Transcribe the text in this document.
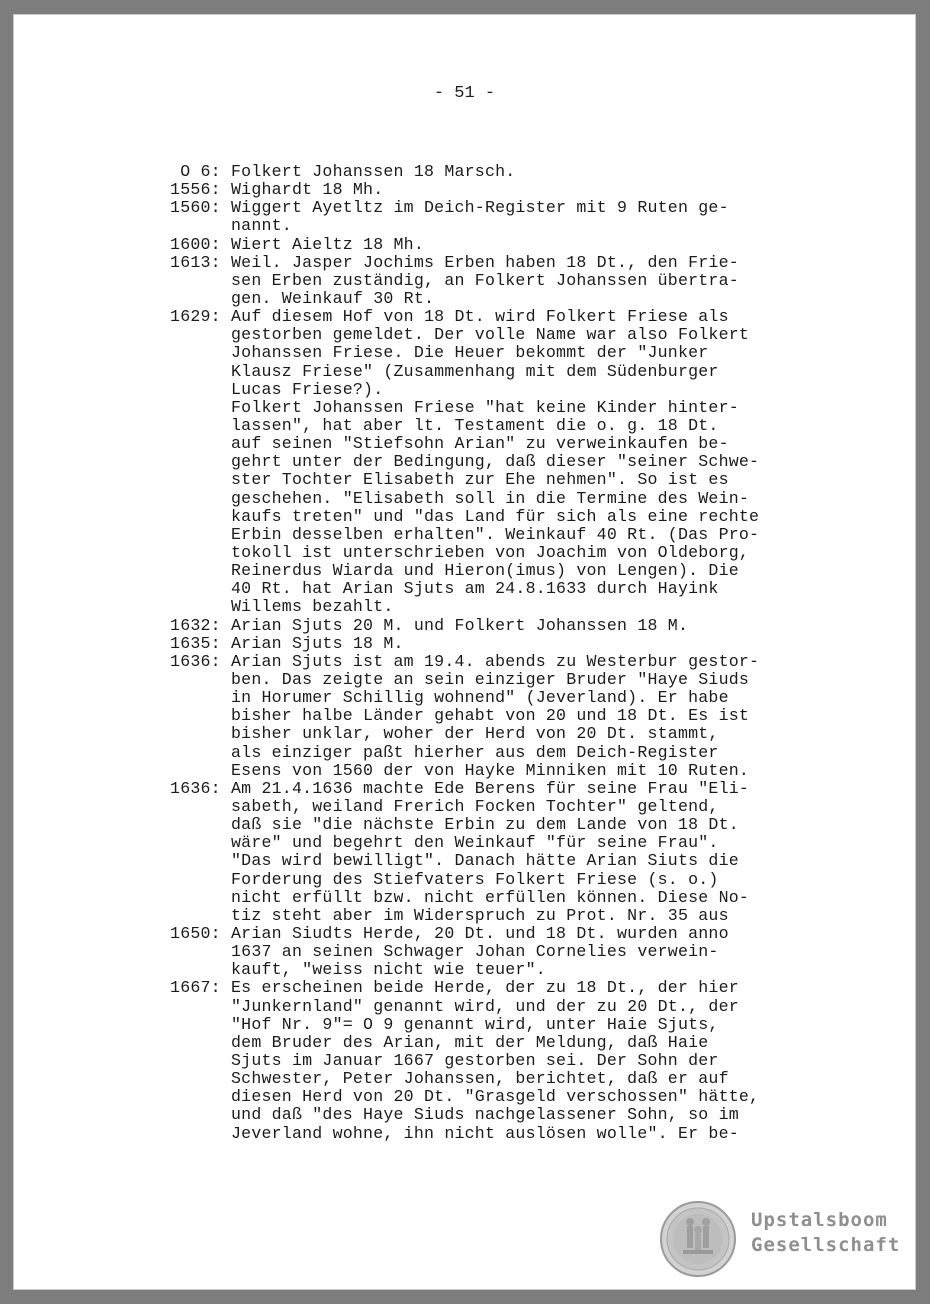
- 51 -
O 6: Folkert Johanssen 18 Marsch.
1556: Wighardt 18 Mh.
1560: Wiggert Ayetltz im Deich-Register mit 9 Ruten ge-
nannt.
1600: Wiert Aieltz 18 Mh.
1613: Weil. Jasper Jochims Erben haben 18 Dt., den Frie-
sen Erben zuständig, an Folkert Johanssen übertra-
gen. Weinkauf 30 Rt.
1629: Auf diesem Hof von 18 Dt. wird Folkert Friese als
gestorben gemeldet. Der volle Name war also Folkert
Johanssen Friese. Die Heuer bekommt der "Junker
Klausz Friese" (Zusammenhang mit dem Südenburger
Lucas Friese?).
Folkert Johanssen Friese "hat keine Kinder hinter-
lassen", hat aber lt. Testament die o. g. 18 Dt.
auf seinen "Stiefsohn Arian" zu verweinkaufen be-
gehrt unter der Bedingung, daß dieser "seiner Schwe-
ster Tochter Elisabeth zur Ehe nehmen". So ist es
geschehen. "Elisabeth soll in die Termine des Wein-
kaufs treten" und "das Land für sich als eine rechte
Erbin desselben erhalten". Weinkauf 40 Rt. (Das Pro-
tokoll ist unterschrieben von Joachim von Oldeborg,
Reinerdus Wiarda und Hieron(imus) von Lengen). Die
40 Rt. hat Arian Sjuts am 24.8.1633 durch Hayink
Willems bezahlt.
1632: Arian Sjuts 20 M. und Folkert Johanssen 18 M.
1635: Arian Sjuts 18 M.
1636: Arian Sjuts ist am 19.4. abends zu Westerbur gestor-
ben. Das zeigte an sein einziger Bruder "Haye Siuds
in Horumer Schillig wohnend" (Jeverland). Er habe
bisher halbe Länder gehabt von 20 und 18 Dt. Es ist
bisher unklar, woher der Herd von 20 Dt. stammt,
als einziger paßt hierher aus dem Deich-Register
Esens von 1560 der von Hayke Minniken mit 10 Ruten.
1636: Am 21.4.1636 machte Ede Berens für seine Frau "Eli-
sabeth, weiland Frerich Focken Tochter" geltend,
daß sie "die nächste Erbin zu dem Lande von 18 Dt.
wäre" und begehrt den Weinkauf "für seine Frau".
"Das wird bewilligt". Danach hätte Arian Siuts die
Forderung des Stiefvaters Folkert Friese (s. o.)
nicht erfüllt bzw. nicht erfüllen können. Diese No-
tiz steht aber im Widerspruch zu Prot. Nr. 35 aus
1650: Arian Siudts Herde, 20 Dt. und 18 Dt. wurden anno
1637 an seinen Schwager Johan Cornelies verwein-
kauft, "weiss nicht wie teuer".
1667: Es erscheinen beide Herde, der zu 18 Dt., der hier
"Junkernland" genannt wird, und der zu 20 Dt., der
"Hof Nr. 9"= O 9 genannt wird, unter Haie Sjuts,
dem Bruder des Arian, mit der Meldung, daß Haie
Sjuts im Januar 1667 gestorben sei. Der Sohn der
Schwester, Peter Johanssen, berichtet, daß er auf
diesen Herd von 20 Dt. "Grasgeld verschossen" hätte,
und daß "des Haye Siuds nachgelassener Sohn, so im
Jeverland wohne, ihn nicht auslösen wolle". Er be-
Upstalsboom
Gesellschaft
